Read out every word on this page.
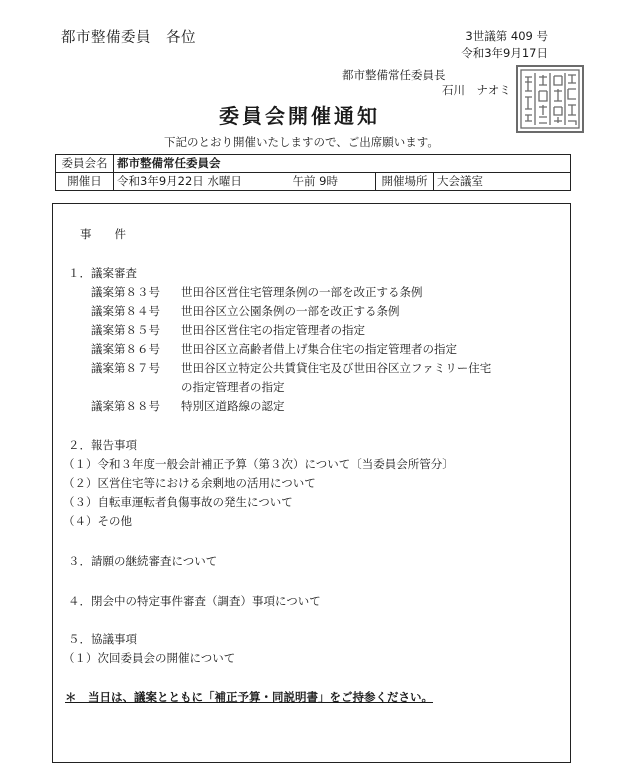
都市整備委員　各位	3世議第 409 号
令和3年9月17日
都市整備常任委員長
石川　ナオミ
委員会開催通知
下記のとおり開催いたしますので、ご出席願います。
委員会名	都市整備常任委員会			
開催日	令和3年9月22日 水曜日	午前 9時	開催場所	大会議室
事　　件
１．議案審査
議案第８３号 世田谷区営住宅管理条例の一部を改正する条例
議案第８４号 世田谷区立公園条例の一部を改正する条例
議案第８５号 世田谷区営住宅の指定管理者の指定
議案第８６号 世田谷区立高齢者借上げ集合住宅の指定管理者の指定
議案第８７号 世田谷区立特定公共賃貸住宅及び世田谷区立ファミリー住宅
の指定管理者の指定
議案第８８号 特別区道路線の認定
２．報告事項
（１）令和３年度一般会計補正予算（第３次）について〔当委員会所管分〕
（２）区営住宅等における余剰地の活用について
（３）自転車運転者負傷事故の発生について
（４）その他
３．請願の継続審査について
４．閉会中の特定事件審査（調査）事項について
５．協議事項
（１）次回委員会の開催について
＊　当日は、議案とともに「補正予算・同説明書」をご持参ください。
